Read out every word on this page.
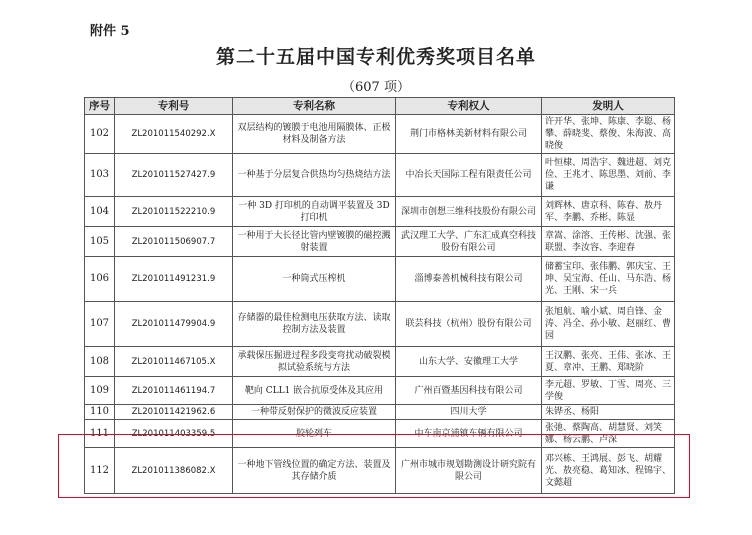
附件 5
第二十五届中国专利优秀奖项目名单
（607 项）
序号	专利号	专利名称	专利权人	发明人
102	ZL201011540292.X	双层结构的镀膜于电池用隔膜体、正极材料及制备方法	荆门市格林美新材料有限公司	许开华、张坤、陈康、李聪、杨攀、薛晓斐、蔡俊、朱海波、高晓俊
103	ZL201011527427.9	一种基于分层复合供热均匀热烧结方法	中冶长天国际工程有限责任公司	叶恒棣、周浩宇、魏进超、刘克俭、王兆才、陈思墨、刘前、李谦
104	ZL201011522210.9	一种 3D 打印机的自动调平装置及 3D 打印机	深圳市创想三维科技股份有限公司	刘辉林、唐京科、陈春、敖丹军、李鹏、乔彬、陈显
105	ZL201011506907.7	一种用于大长径比管内壁镀膜的磁控溅射装置	武汉理工大学、广东汇成真空科技股份有限公司	章嵩、涂溶、王传彬、沈强、张联盟、李汝容、李迎春
106	ZL201011491231.9	一种筒式压榨机	淄博泰善机械科技有限公司	储蓄宝印、张伟鹏、郭庆宝、王坤、吴宝海、任山、马东浩、杨光、王刚、宋一兵
107	ZL201011479904.9	存储器的最佳检测电压获取方法、读取控制方法及装置	联芸科技（杭州）股份有限公司	张旭航、喻小斌、周自锋、金涛、冯全、孙小敏、赵丽红、曹园
108	ZL201011467105.X	承载保压掘进过程多段变弯扰动破裂模拟试验系统与方法	山东大学、安徽理工大学	王汉鹏、张亮、王伟、张冰、王夏、章冲、王鹏、郑晓阶
109	ZL201011461194.7	靶向 CLL1 嵌合抗原受体及其应用	广州百暨基因科技有限公司	李元超、罗敏、丁雪、周亮、三学俊
110	ZL201011421962.6	一种带反射保护的微波反应装置	四川大学	朱铧丞、杨阳
111	ZL201011403359.5	胶轮列车	中车南京浦镇车辆有限公司	张弛、蔡陶高、胡慧贤、刘笑娜、杨云鹏、卢深
112	ZL201011386082.X	一种地下管线位置的确定方法、装置及其存储介质	广州市城市规划勘测设计研究院有限公司	邓兴栋、王鸿展、彭飞、胡耀光、敖亮稳、葛知冰、程锦宇、文懿超
